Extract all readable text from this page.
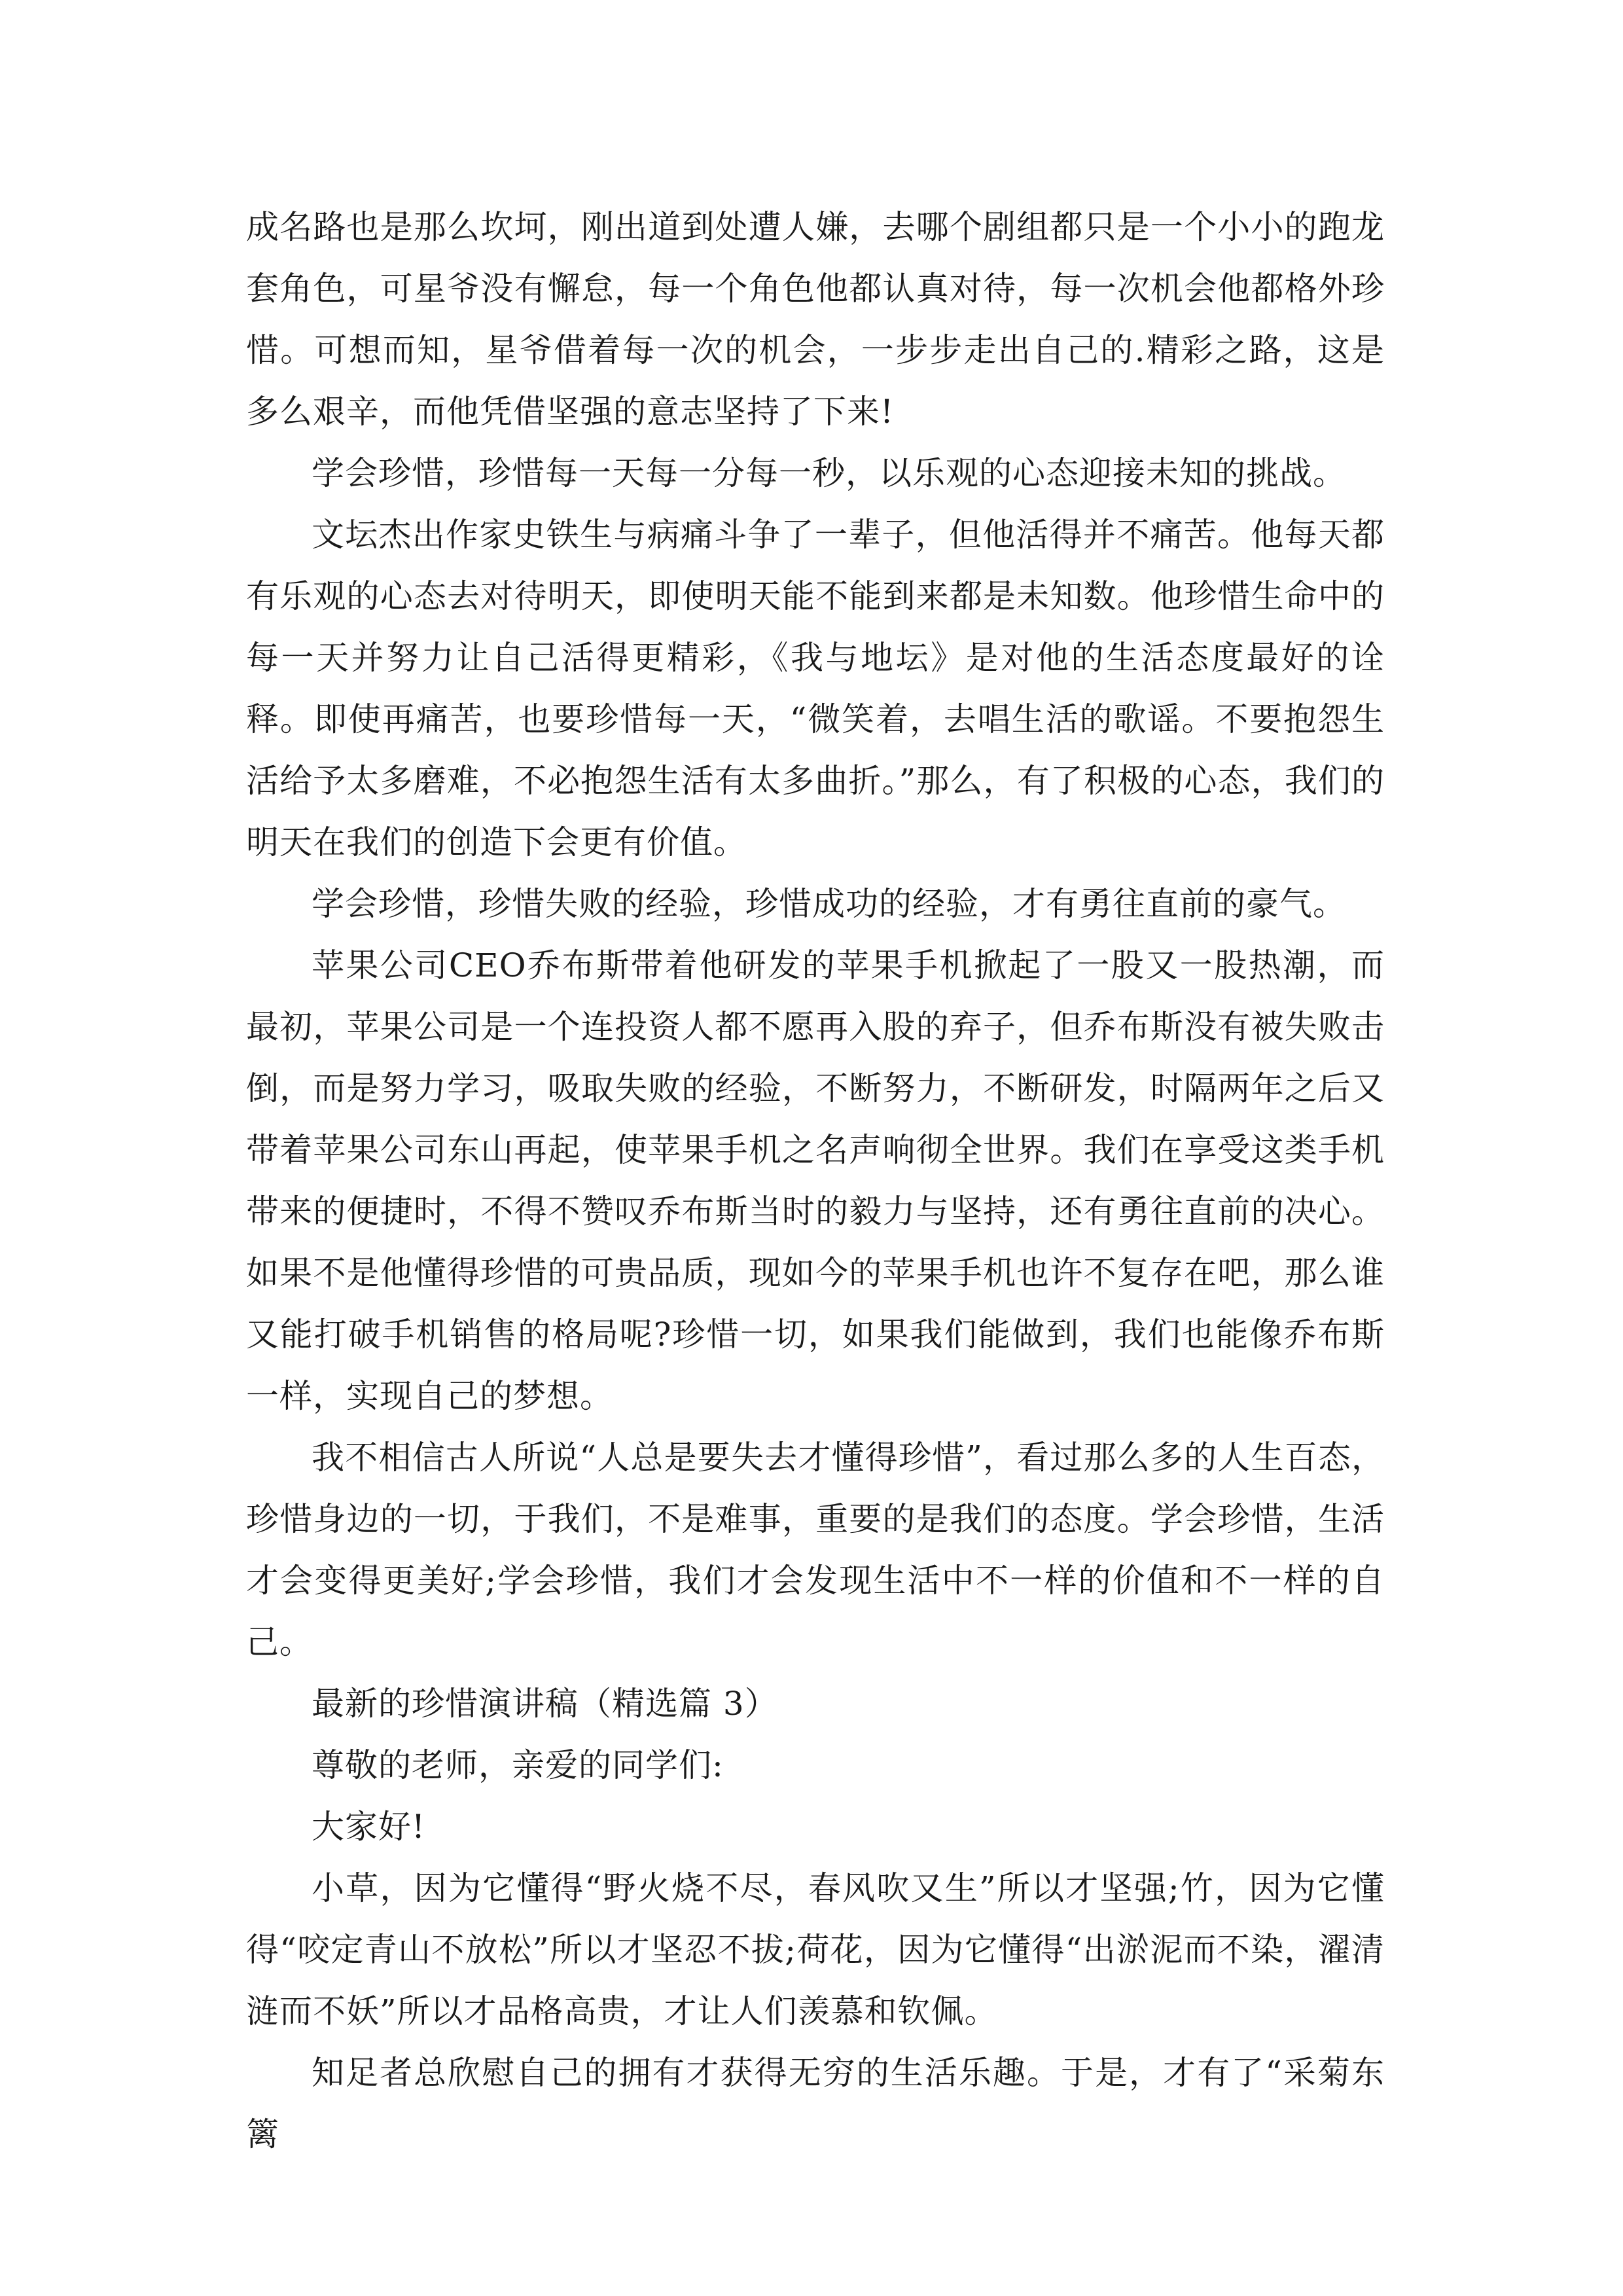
成名路也是那么坎坷，刚出道到处遭人嫌，去哪个剧组都只是一个小小的跑龙套角色，可星爷没有懈怠，每一个角色他都认真对待，每一次机会他都格外珍惜。可想而知，星爷借着每一次的机会，一步步走出自己的.精彩之路，这是多么艰辛，而他凭借坚强的意志坚持了下来!

学会珍惜，珍惜每一天每一分每一秒，以乐观的心态迎接未知的挑战。

文坛杰出作家史铁生与病痛斗争了一辈子，但他活得并不痛苦。他每天都有乐观的心态去对待明天，即使明天能不能到来都是未知数。他珍惜生命中的每一天并努力让自己活得更精彩，《我与地坛》是对他的生活态度最好的诠释。即使再痛苦，也要珍惜每一天，“微笑着，去唱生活的歌谣。不要抱怨生活给予太多磨难，不必抱怨生活有太多曲折。”那么，有了积极的心态，我们的明天在我们的创造下会更有价值。

学会珍惜，珍惜失败的经验，珍惜成功的经验，才有勇往直前的豪气。

苹果公司CEO乔布斯带着他研发的苹果手机掀起了一股又一股热潮，而最初，苹果公司是一个连投资人都不愿再入股的弃子，但乔布斯没有被失败击倒，而是努力学习，吸取失败的经验，不断努力，不断研发，时隔两年之后又带着苹果公司东山再起，使苹果手机之名声响彻全世界。我们在享受这类手机带来的便捷时，不得不赞叹乔布斯当时的毅力与坚持，还有勇往直前的决心。如果不是他懂得珍惜的可贵品质，现如今的苹果手机也许不复存在吧，那么谁又能打破手机销售的格局呢?珍惜一切，如果我们能做到，我们也能像乔布斯一样，实现自己的梦想。

我不相信古人所说“人总是要失去才懂得珍惜”，看过那么多的人生百态，珍惜身边的一切，于我们，不是难事，重要的是我们的态度。学会珍惜，生活才会变得更美好;学会珍惜，我们才会发现生活中不一样的价值和不一样的自己。

最新的珍惜演讲稿（精选篇 3）

尊敬的老师，亲爱的同学们:

大家好!

小草，因为它懂得“野火烧不尽，春风吹又生”所以才坚强;竹，因为它懂得“咬定青山不放松”所以才坚忍不拔;荷花，因为它懂得“出淤泥而不染，濯清涟而不妖”所以才品格高贵，才让人们羡慕和钦佩。

知足者总欣慰自己的拥有才获得无穷的生活乐趣。于是，才有了“采菊东篱
